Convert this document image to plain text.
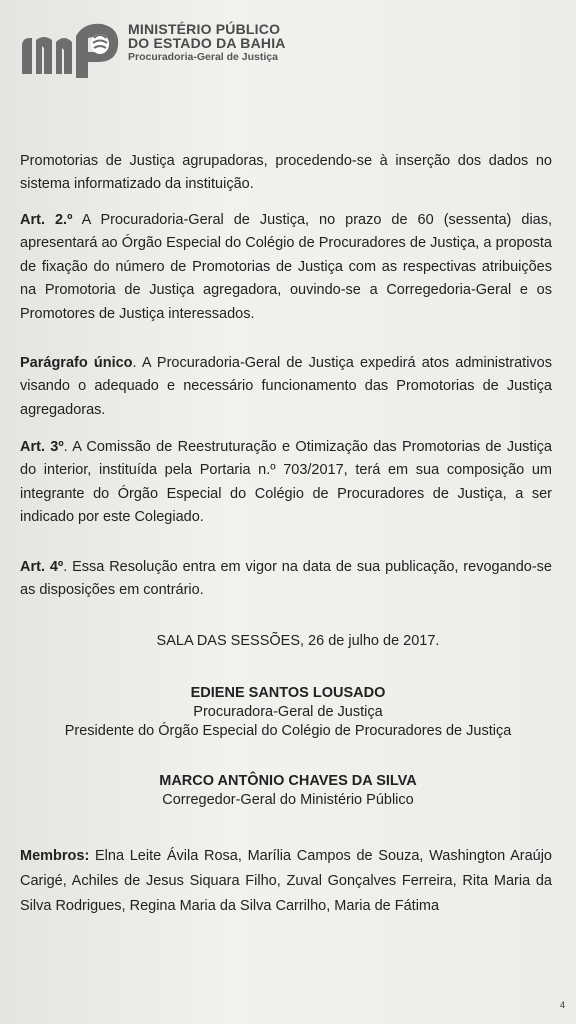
MINISTÉRIO PÚBLICO
DO ESTADO DA BAHIA
Procuradoria-Geral de Justiça
Promotorias de Justiça agrupadoras, procedendo-se à inserção dos dados no sistema informatizado da instituição.
Art. 2.º A Procuradoria-Geral de Justiça, no prazo de 60 (sessenta) dias, apresentará ao Órgão Especial do Colégio de Procuradores de Justiça, a proposta de fixação do número de Promotorias de Justiça com as respectivas atribuições na Promotoria de Justiça agregadora, ouvindo-se a Corregedoria-Geral e os Promotores de Justiça interessados.
Parágrafo único. A Procuradoria-Geral de Justiça expedirá atos administrativos visando o adequado e necessário funcionamento das Promotorias de Justiça agregadoras.
Art. 3º. A Comissão de Reestruturação e Otimização das Promotorias de Justiça do interior, instituída pela Portaria n.º 703/2017, terá em sua composição um integrante do Órgão Especial do Colégio de Procuradores de Justiça, a ser indicado por este Colegiado.
Art. 4º. Essa Resolução entra em vigor na data de sua publicação, revogando-se as disposições em contrário.
SALA DAS SESSÕES, 26 de julho de 2017.
EDIENE SANTOS LOUSADO
Procuradora-Geral de Justiça
Presidente do Órgão Especial do Colégio de Procuradores de Justiça
MARCO ANTÔNIO CHAVES DA SILVA
Corregedor-Geral do Ministério Público
Membros: Elna Leite Ávila Rosa, Marília Campos de Souza, Washington Araújo Carigé, Achiles de Jesus Siquara Filho, Zuval Gonçalves Ferreira, Rita Maria da Silva Rodrigues, Regina Maria da Silva Carrilho, Maria de Fátima
4
